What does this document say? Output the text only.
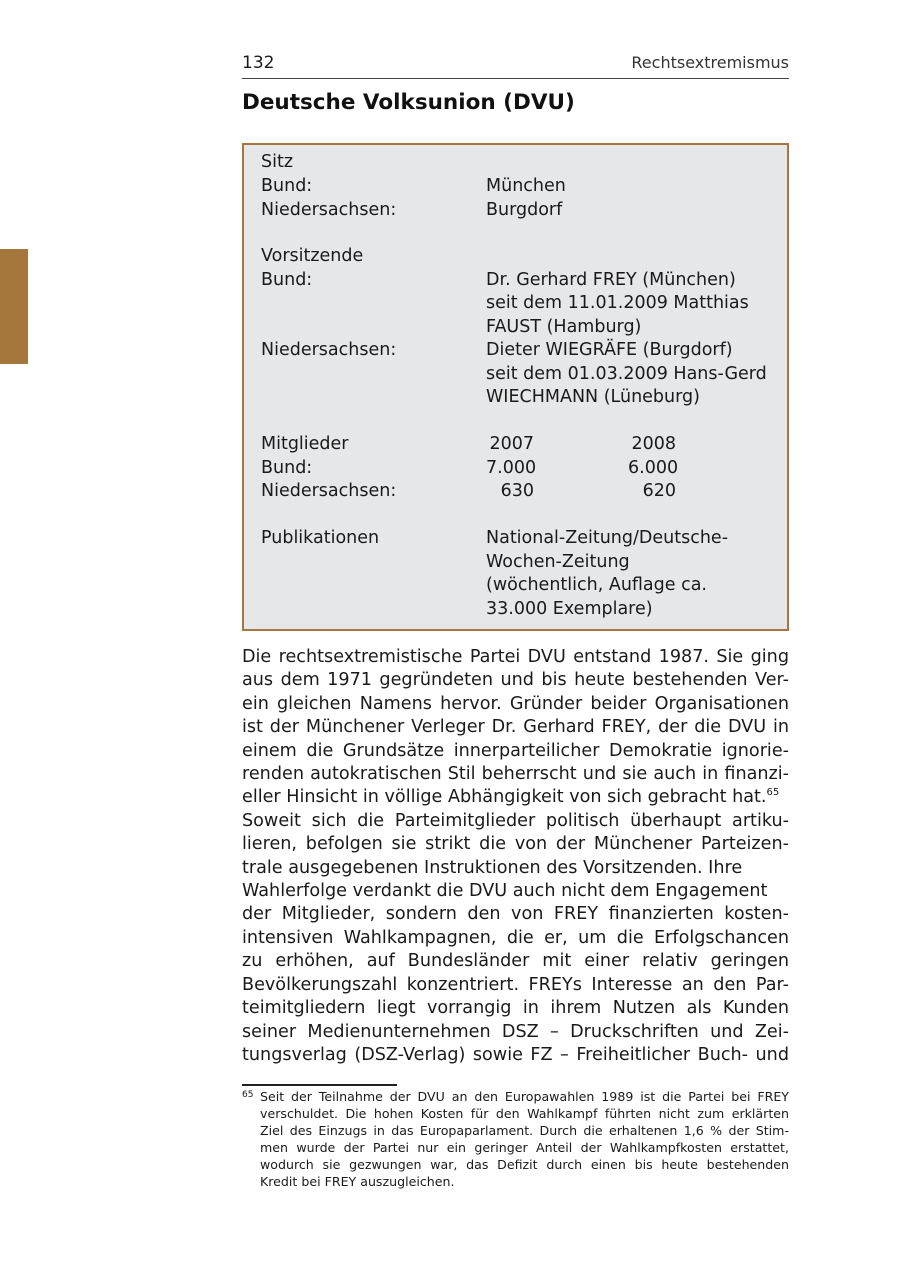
132	Rechtsextremismus
Deutsche Volksunion (DVU)
Sitz
Bund:	München
Niedersachsen:	Burgdorf
Vorsitzende
Bund:	Dr. Gerhard FREY (München)
seit dem 11.01.2009 Matthias
FAUST (Hamburg)
Niedersachsen:	Dieter WIEGRÄFE (Burgdorf)
seit dem 01.03.2009 Hans-Gerd
WIECHMANN (Lüneburg)
Mitglieder	2007	2008
Bund:	7.000	6.000
Niedersachsen:	630	620
Publikationen	National-Zeitung/Deutsche-
Wochen-Zeitung
(wöchentlich, Auflage ca.
33.000 Exemplare)
Die rechtsextremistische Partei DVU entstand 1987. Sie ging
aus dem 1971 gegründeten und bis heute bestehenden Ver-
ein gleichen Namens hervor. Gründer beider Organisationen
ist der Münchener Verleger Dr. Gerhard FREY, der die DVU in
einem die Grundsätze innerparteilicher Demokratie ignorie-
renden autokratischen Stil beherrscht und sie auch in finanzi-
eller Hinsicht in völlige Abhängigkeit von sich gebracht hat.$^{65}$
Soweit sich die Parteimitglieder politisch überhaupt artiku-
lieren, befolgen sie strikt die von der Münchener Parteizen-
trale ausgegebenen Instruktionen des Vorsitzenden. Ihre
Wahlerfolge verdankt die DVU auch nicht dem Engagement
der Mitglieder, sondern den von FREY finanzierten kosten-
intensiven Wahlkampagnen, die er, um die Erfolgschancen
zu erhöhen, auf Bundesländer mit einer relativ geringen
Bevölkerungszahl konzentriert. FREYs Interesse an den Par-
teimitgliedern liegt vorrangig in ihrem Nutzen als Kunden
seiner Medienunternehmen DSZ – Druckschriften und Zei-
tungsverlag (DSZ-Verlag) sowie FZ – Freiheitlicher Buch- und
65 Seit der Teilnahme der DVU an den Europawahlen 1989 ist die Partei bei FREY
verschuldet. Die hohen Kosten für den Wahlkampf führten nicht zum erklärten
Ziel des Einzugs in das Europaparlament. Durch die erhaltenen 1,6 % der Stim-
men wurde der Partei nur ein geringer Anteil der Wahlkampfkosten erstattet,
wodurch sie gezwungen war, das Defizit durch einen bis heute bestehenden
Kredit bei FREY auszugleichen.
